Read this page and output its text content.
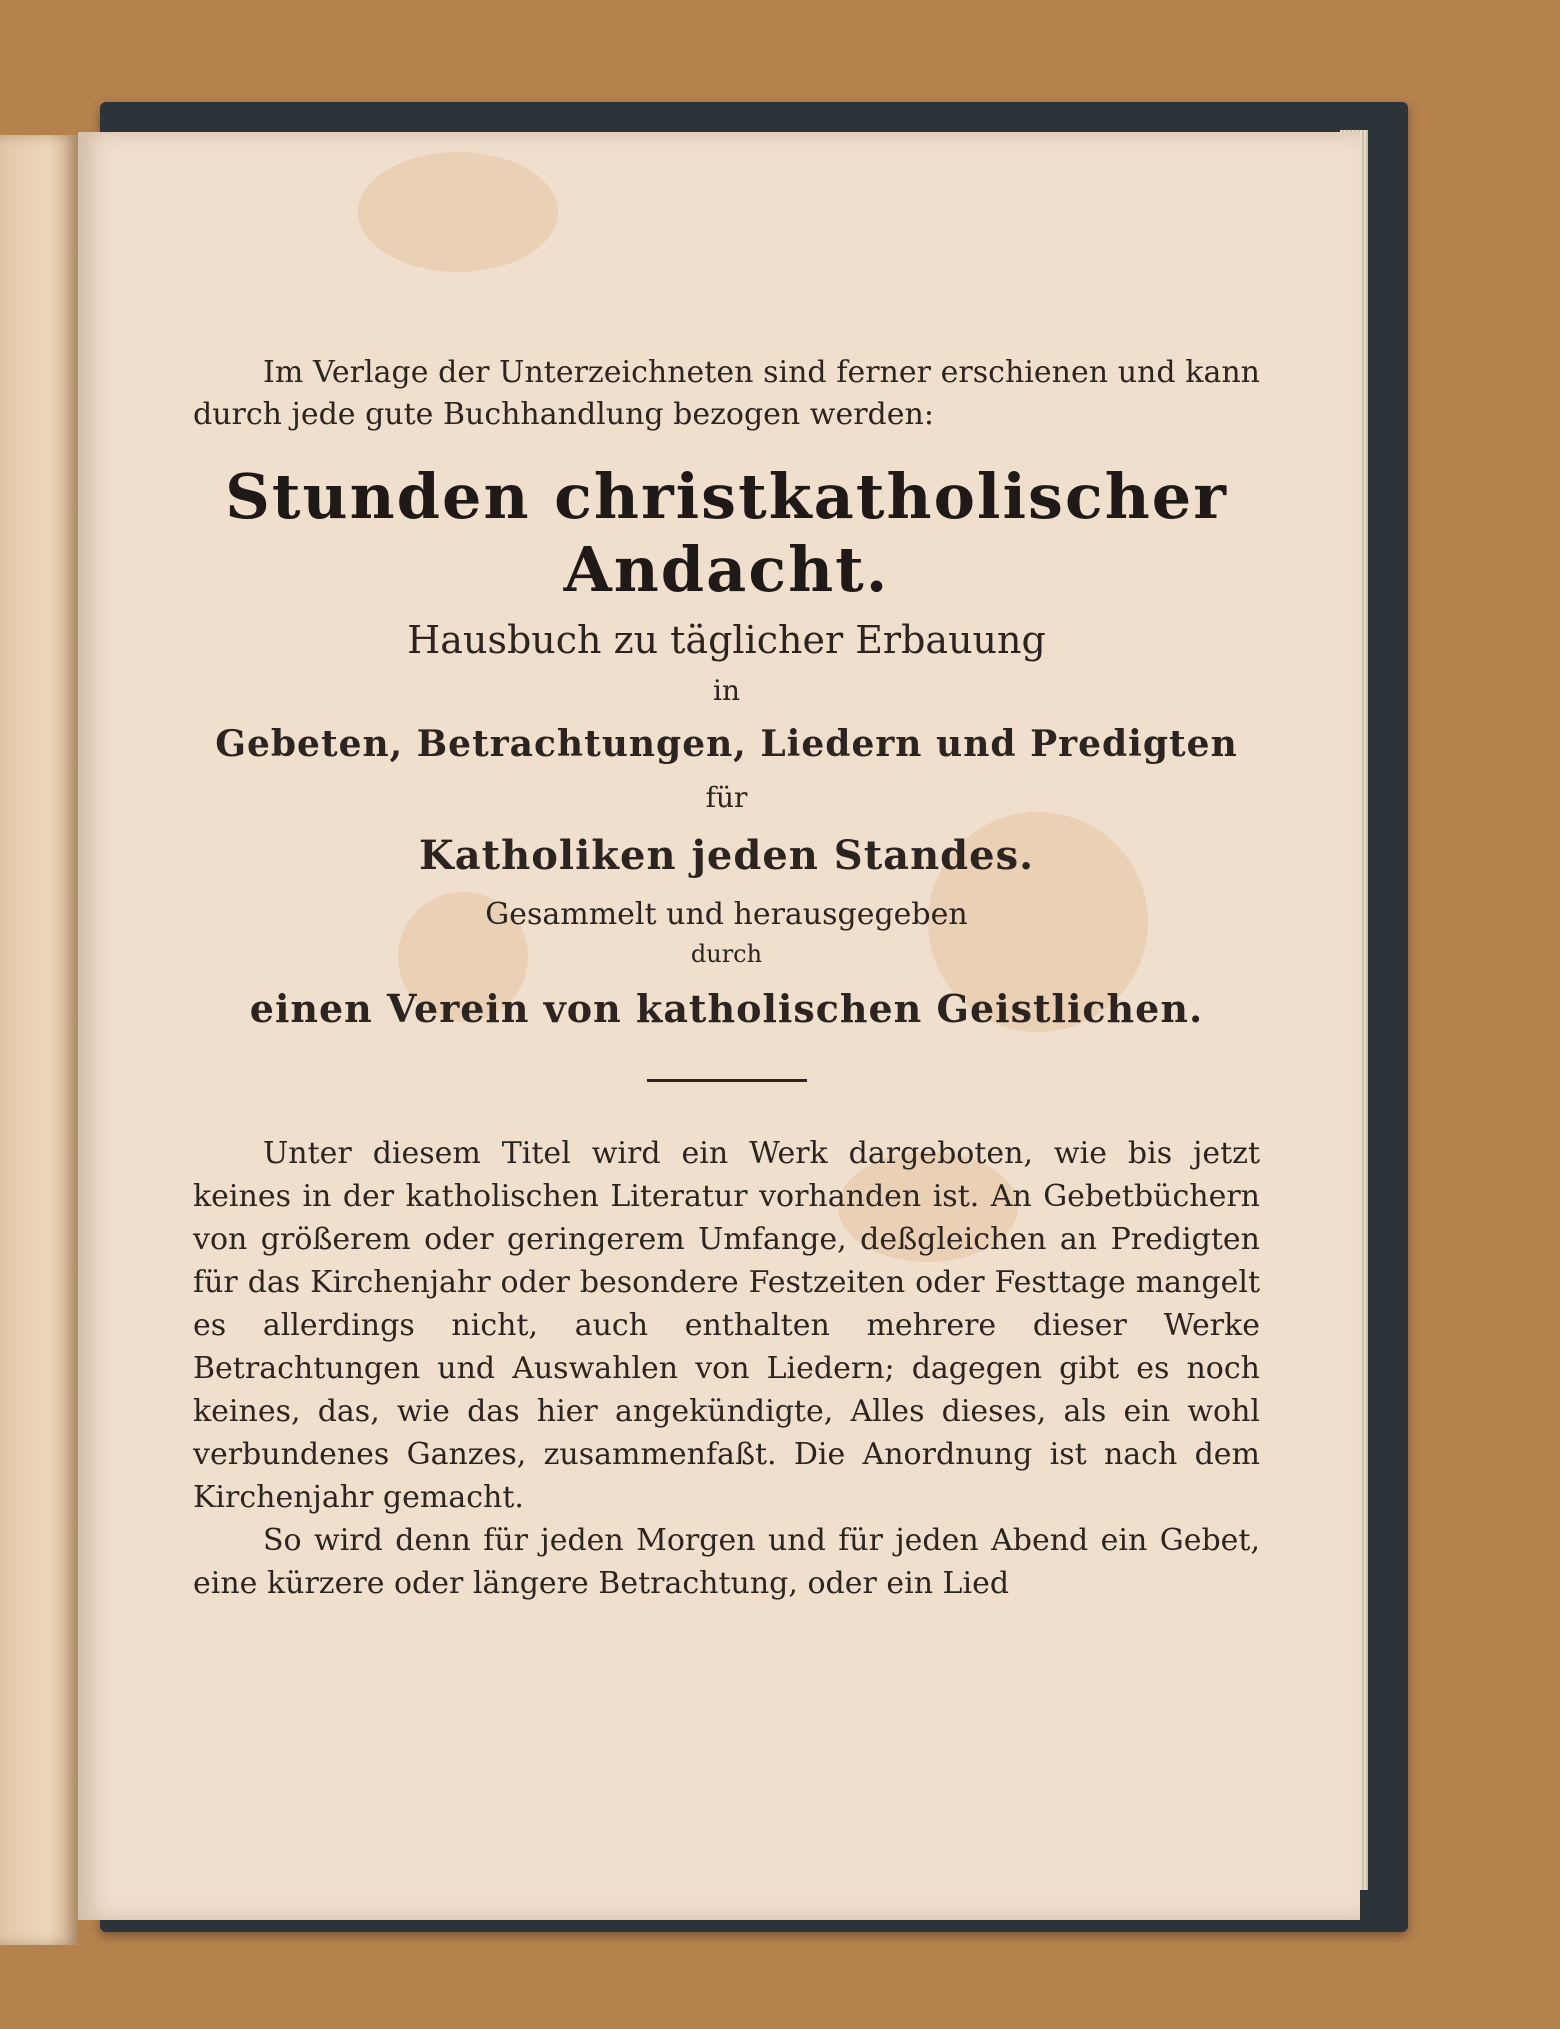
Im Verlage der Unterzeichneten sind ferner erschienen und kann durch jede gute Buchhandlung bezogen werden:

Stunden christkatholischer Andacht.
Hausbuch zu täglicher Erbauung
in
Gebeten, Betrachtungen, Liedern und Predigten
für
Katholiken jeden Standes.
Gesammelt und herausgegeben
durch
einen Verein von katholischen Geistlichen.

Unter diesem Titel wird ein Werk dargeboten, wie bis jetzt keines in der katholischen Literatur vorhanden ist. An Gebetbüchern von größerem oder geringerem Umfange, deßgleichen an Predigten für das Kirchenjahr oder besondere Festzeiten oder Festtage mangelt es allerdings nicht, auch enthalten mehrere dieser Werke Betrachtungen und Auswahlen von Liedern; dagegen gibt es noch keines, das, wie das hier angekündigte, Alles dieses, als ein wohl verbundenes Ganzes, zusammenfaßt. Die Anordnung ist nach dem Kirchenjahr gemacht.

So wird denn für jeden Morgen und für jeden Abend ein Gebet, eine kürzere oder längere Betrachtung, oder ein Lied
